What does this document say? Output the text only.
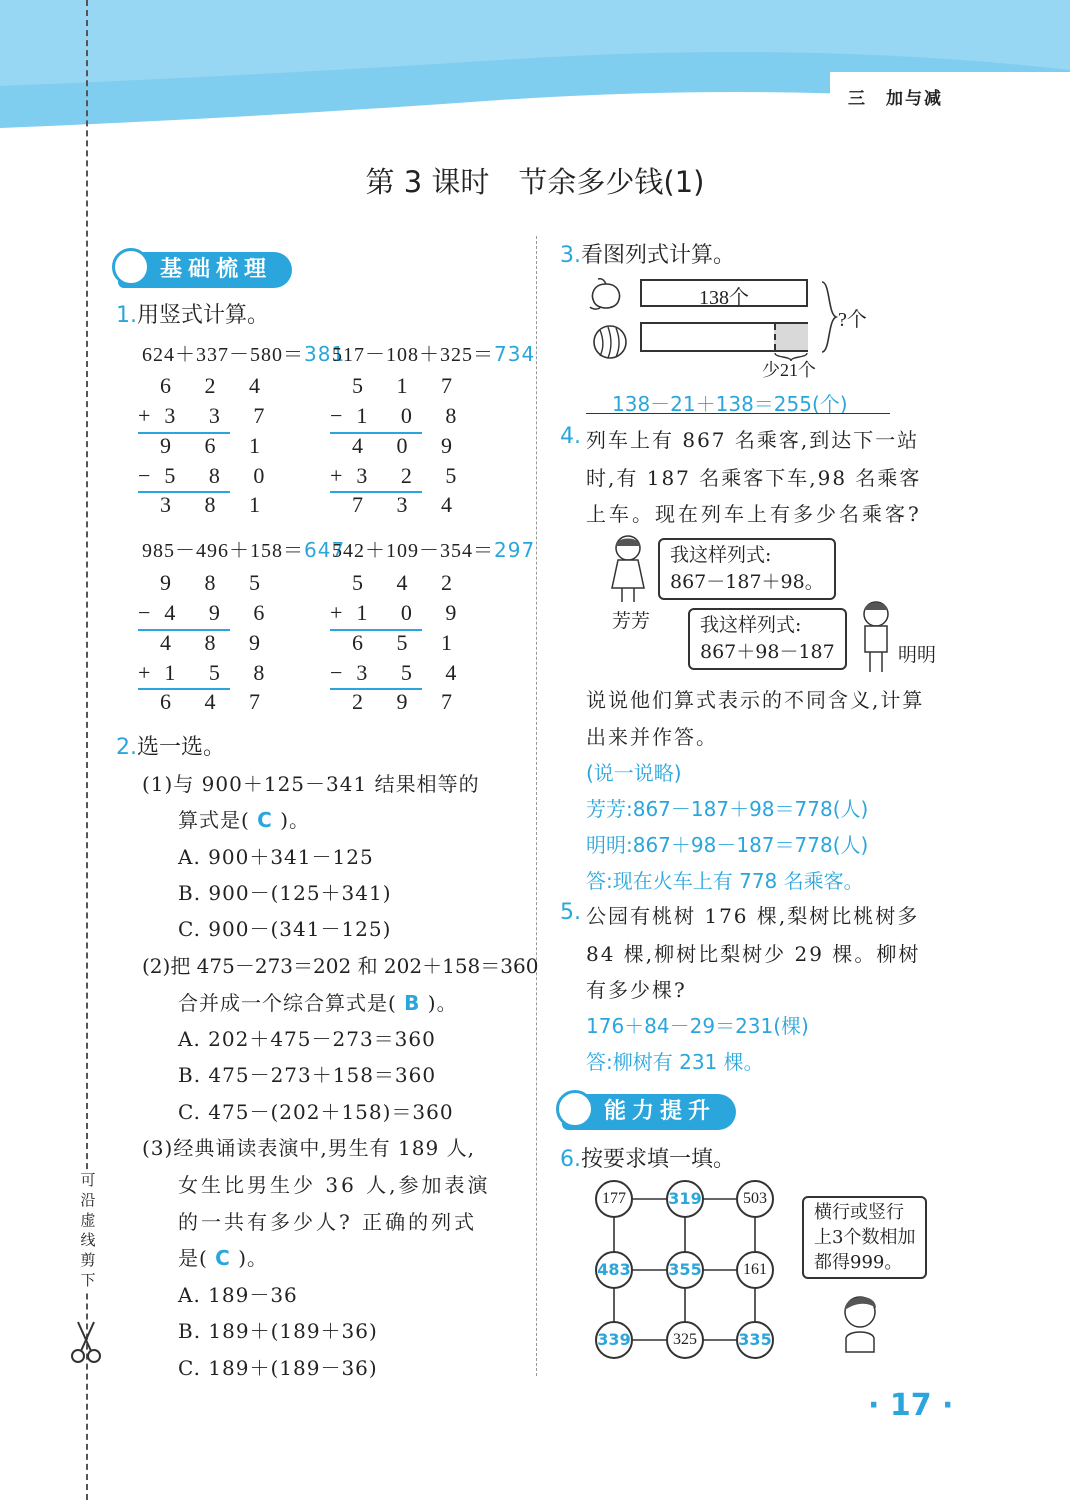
三　加与减
可沿虚线剪下
第 3 课时　节余多少钱(1)
基础梳理
1.用竖式计算。
624＋337－580＝381
517－108＋325＝734
6 2 4
+3 3 7
9 6 1
−5 8 0
3 8 1
5 1 7
−1 0 8
4 0 9
+3 2 5
7 3 4
985－496＋158＝647
542＋109－354＝297
9 8 5
−4 9 6
4 8 9
+1 5 8
6 4 7
5 4 2
+1 0 9
6 5 1
−3 5 4
2 9 7
2.选一选。
(1)与 900＋125－341 结果相等的
算式是( C )。
A. 900＋341－125
B. 900－(125＋341)
C. 900－(341－125)
(2)把 475－273＝202 和 202＋158＝360
合并成一个综合算式是( B )。
A. 202＋475－273＝360
B. 475－273＋158＝360
C. 475－(202＋158)＝360
(3)经典诵读表演中,男生有 189 人,
女生比男生少 36 人,参加表演
的一共有多少人? 正确的列式
是( C )。
A. 189－36
B. 189＋(189＋36)
C. 189＋(189－36)
3.看图列式计算。
138个
?个
少21个
138－21＋138＝255(个)
4. 列车上有 867 名乘客,到达下一站
时,有 187 名乘客下车,98 名乘客
上车。现在列车上有多少名乘客?
芳芳
我这样列式:
867－187＋98。
我这样列式:
867＋98－187	明明
说说他们算式表示的不同含义,计算
出来并作答。
(说一说略)
芳芳:867－187＋98＝778(人)
明明:867＋98－187＝778(人)
答:现在火车上有 778 名乘客。
5. 公园有桃树 176 棵,梨树比桃树多
84 棵,柳树比梨树少 29 棵。柳树
有多少棵?
176＋84－29＝231(棵)
答:柳树有 231 棵。
能力提升
6.按要求填一填。
177	319	503
483 355	161
339	325	335
横行或竖行
上3个数相加
都得999。
· 17 ·
